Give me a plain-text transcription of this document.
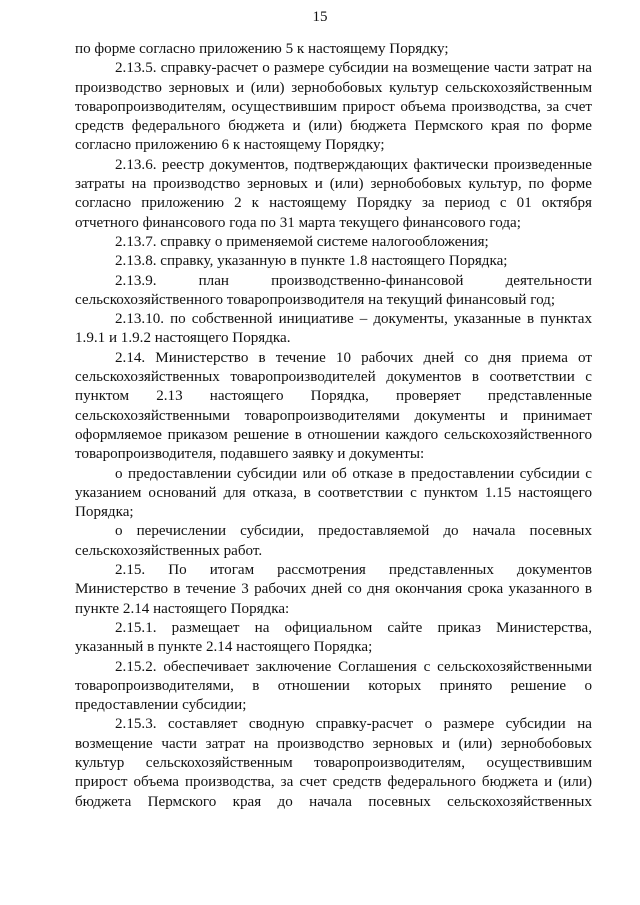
15

по форме согласно приложению 5 к настоящему Порядку;

2.13.5. справку-расчет о размере субсидии на возмещение части затрат на производство зерновых и (или) зернобобовых культур сельскохозяйственным товаропроизводителям, осуществившим прирост объема производства, за счет средств федерального бюджета и (или) бюджета Пермского края по форме согласно приложению 6 к настоящему Порядку;

2.13.6. реестр документов, подтверждающих фактически произведенные затраты на производство зерновых и (или) зернобобовых культур, по форме согласно приложению 2 к настоящему Порядку за период с 01 октября отчетного финансового года по 31 марта текущего финансового года;

2.13.7. справку о применяемой системе налогообложения;

2.13.8. справку, указанную в пункте 1.8 настоящего Порядка;

2.13.9. план производственно-финансовой деятельности сельскохозяйственного товаропроизводителя на текущий финансовый год;

2.13.10. по собственной инициативе – документы, указанные в пунктах 1.9.1 и 1.9.2 настоящего Порядка.

2.14. Министерство в течение 10 рабочих дней со дня приема от сельскохозяйственных товаропроизводителей документов в соответствии с пунктом 2.13 настоящего Порядка, проверяет представленные сельскохозяйственными товаропроизводителями документы и принимает оформляемое приказом решение в отношении каждого сельскохозяйственного товаропроизводителя, подавшего заявку и документы:

о предоставлении субсидии или об отказе в предоставлении субсидии с указанием оснований для отказа, в соответствии с пунктом 1.15 настоящего Порядка;

о перечислении субсидии, предоставляемой до начала посевных сельскохозяйственных работ.

2.15. По итогам рассмотрения представленных документов Министерство в течение 3 рабочих дней со дня окончания срока указанного в пункте 2.14 настоящего Порядка:

2.15.1. размещает на официальном сайте приказ Министерства, указанный в пункте 2.14 настоящего Порядка;

2.15.2. обеспечивает заключение Соглашения с сельскохозяйственными товаропроизводителями, в отношении которых принято решение о предоставлении субсидии;

2.15.3. составляет сводную справку-расчет о размере субсидии на возмещение части затрат на производство зерновых и (или) зернобобовых культур сельскохозяйственным товаропроизводителям, осуществившим прирост объема производства, за счет средств федерального бюджета и (или) бюджета Пермского края до начала посевных сельскохозяйственных
